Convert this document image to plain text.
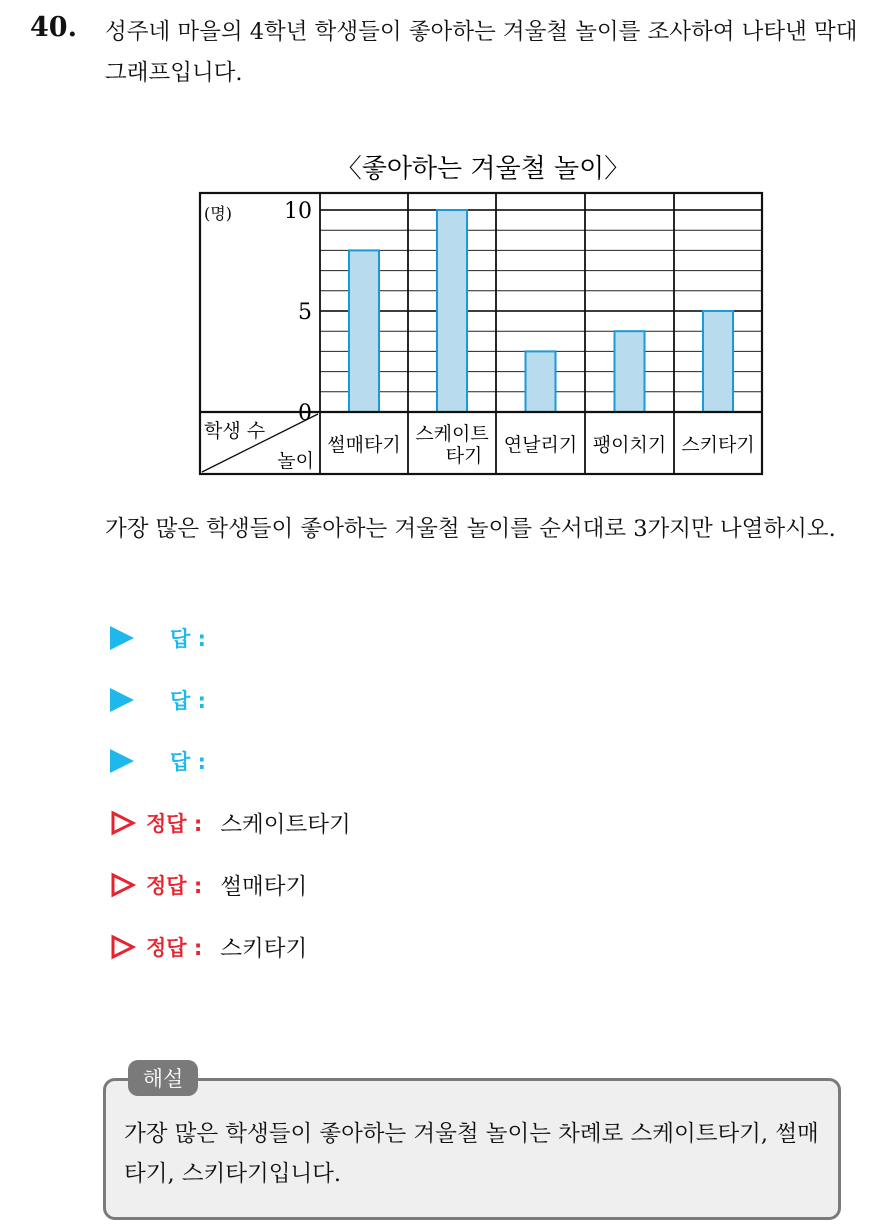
40. 성주네 마을의 4학년 학생들이 좋아하는 겨울철 놀이를 조사하여 나타낸 막대그래프입니다.
〈좋아하는 겨울철 놀이〉
(명)
0
5
10
학생 수
놀이
썰매타기 스케이트
타기 연날리기 팽이치기 스키타기
가장 많은 학생들이 좋아하는 겨울철 놀이를 순서대로 3가지만 나열하시오.
답 :
답 :
답 :
정답 : 스케이트타기
정답 : 썰매타기
정답 : 스키타기
해설
가장 많은 학생들이 좋아하는 겨울철 놀이는 차례로 스케이트타기, 썰매타기, 스키타기입니다.
